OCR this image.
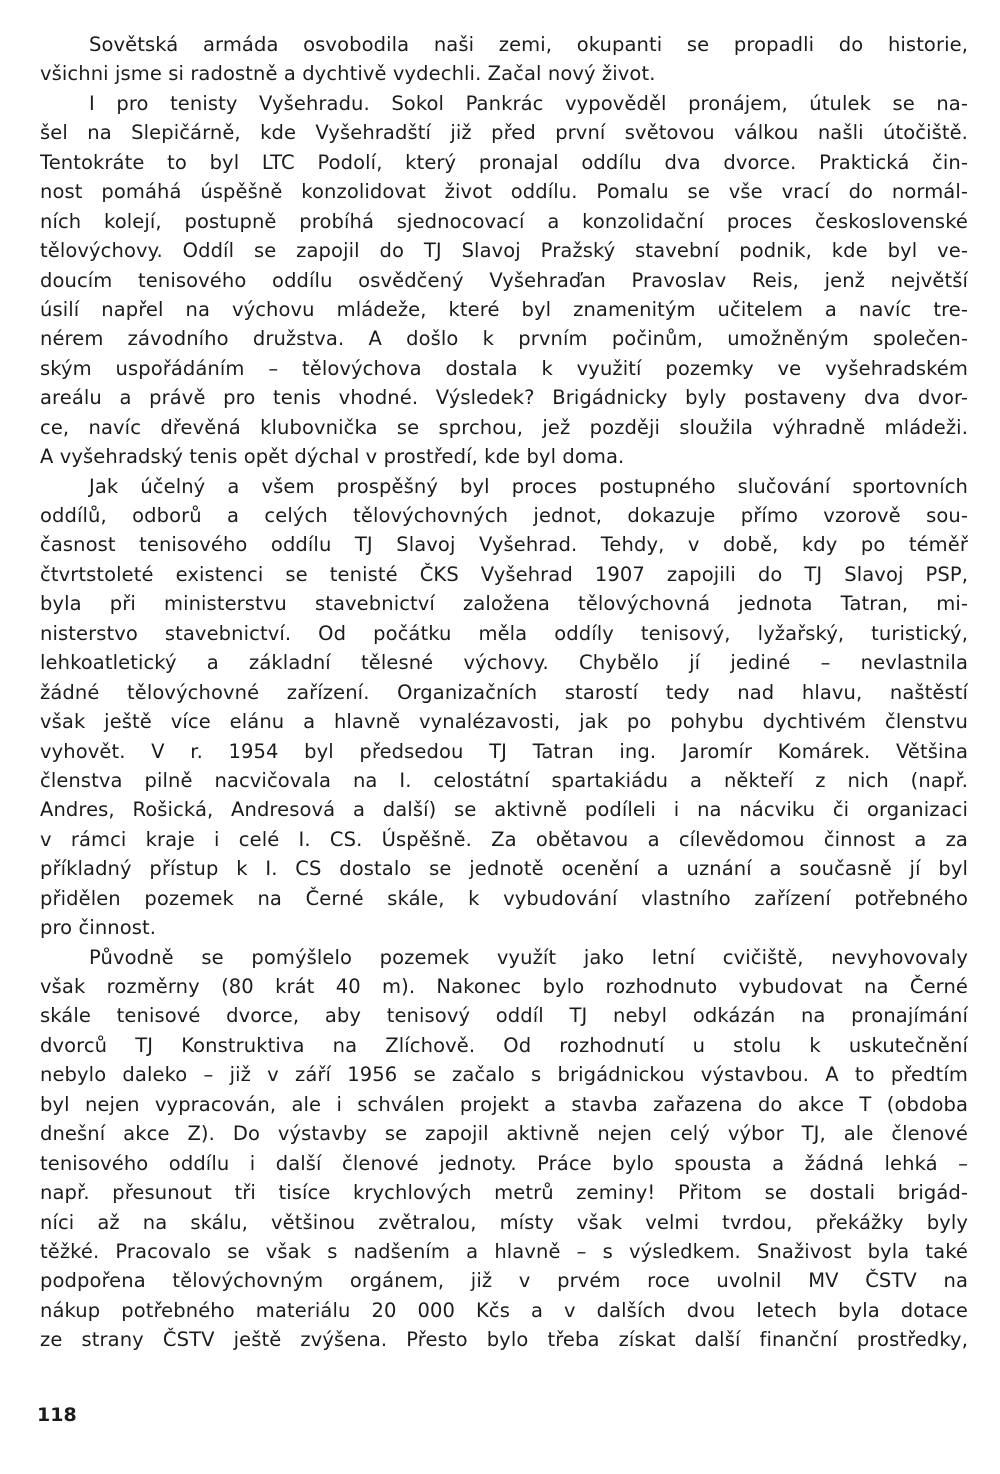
Sovětská armáda osvobodila naši zemi, okupanti se propadli do historie,
všichni jsme si radostně a dychtivě vydechli. Začal nový život.
I pro tenisty Vyšehradu. Sokol Pankrác vypověděl pronájem, útulek se na-
šel na Slepičárně, kde Vyšehradští již před první světovou válkou našli útočiště.
Tentokráte to byl LTC Podolí, který pronajal oddílu dva dvorce. Praktická čin-
nost pomáhá úspěšně konzolidovat život oddílu. Pomalu se vše vrací do normál-
ních kolejí, postupně probíhá sjednocovací a konzolidační proces československé
tělovýchovy. Oddíl se zapojil do TJ Slavoj Pražský stavební podnik, kde byl ve-
doucím tenisového oddílu osvědčený Vyšehraďan Pravoslav Reis, jenž největší
úsilí napřel na výchovu mládeže, které byl znamenitým učitelem a navíc tre-
nérem závodního družstva. A došlo k prvním počinům, umožněným společen-
ským uspořádáním – tělovýchova dostala k využití pozemky ve vyšehradském
areálu a právě pro tenis vhodné. Výsledek? Brigádnicky byly postaveny dva dvor-
ce, navíc dřevěná klubovnička se sprchou, jež později sloužila výhradně mládeži.
A vyšehradský tenis opět dýchal v prostředí, kde byl doma.
Jak účelný a všem prospěšný byl proces postupného slučování sportovních
oddílů, odborů a celých tělovýchovných jednot, dokazuje přímo vzorově sou-
časnost tenisového oddílu TJ Slavoj Vyšehrad. Tehdy, v době, kdy po téměř
čtvrtstoleté existenci se tenisté ČKS Vyšehrad 1907 zapojili do TJ Slavoj PSP,
byla při ministerstvu stavebnictví založena tělovýchovná jednota Tatran, mi-
nisterstvo stavebnictví. Od počátku měla oddíly tenisový, lyžařský, turistický,
lehkoatletický a základní tělesné výchovy. Chybělo jí jediné – nevlastnila
žádné tělovýchovné zařízení. Organizačních starostí tedy nad hlavu, naštěstí
však ještě více elánu a hlavně vynalézavosti, jak po pohybu dychtivém členstvu
vyhovět. V r. 1954 byl předsedou TJ Tatran ing. Jaromír Komárek. Většina
členstva pilně nacvičovala na I. celostátní spartakiádu a někteří z nich (např.
Andres, Rošická, Andresová a další) se aktivně podíleli i na nácviku či organizaci
v rámci kraje i celé I. CS. Úspěšně. Za obětavou a cílevědomou činnost a za
příkladný přístup k I. CS dostalo se jednotě ocenění a uznání a současně jí byl
přidělen pozemek na Černé skále, k vybudování vlastního zařízení potřebného
pro činnost.
Původně se pomýšlelo pozemek využít jako letní cvičiště, nevyhovovaly
však rozměrny (80 krát 40 m). Nakonec bylo rozhodnuto vybudovat na Černé
skále tenisové dvorce, aby tenisový oddíl TJ nebyl odkázán na pronajímání
dvorců TJ Konstruktiva na Zlíchově. Od rozhodnutí u stolu k uskutečnění
nebylo daleko – již v září 1956 se začalo s brigádnickou výstavbou. A to předtím
byl nejen vypracován, ale i schválen projekt a stavba zařazena do akce T (obdoba
dnešní akce Z). Do výstavby se zapojil aktivně nejen celý výbor TJ, ale členové
tenisového oddílu i další členové jednoty. Práce bylo spousta a žádná lehká –
např. přesunout tři tisíce krychlových metrů zeminy! Přitom se dostali brigád-
níci až na skálu, většinou zvětralou, místy však velmi tvrdou, překážky byly
těžké. Pracovalo se však s nadšením a hlavně – s výsledkem. Snaživost byla také
podpořena tělovýchovným orgánem, již v prvém roce uvolnil MV ČSTV na
nákup potřebného materiálu 20 000 Kčs a v dalších dvou letech byla dotace
ze strany ČSTV ještě zvýšena. Přesto bylo třeba získat další finanční prostředky,
118
